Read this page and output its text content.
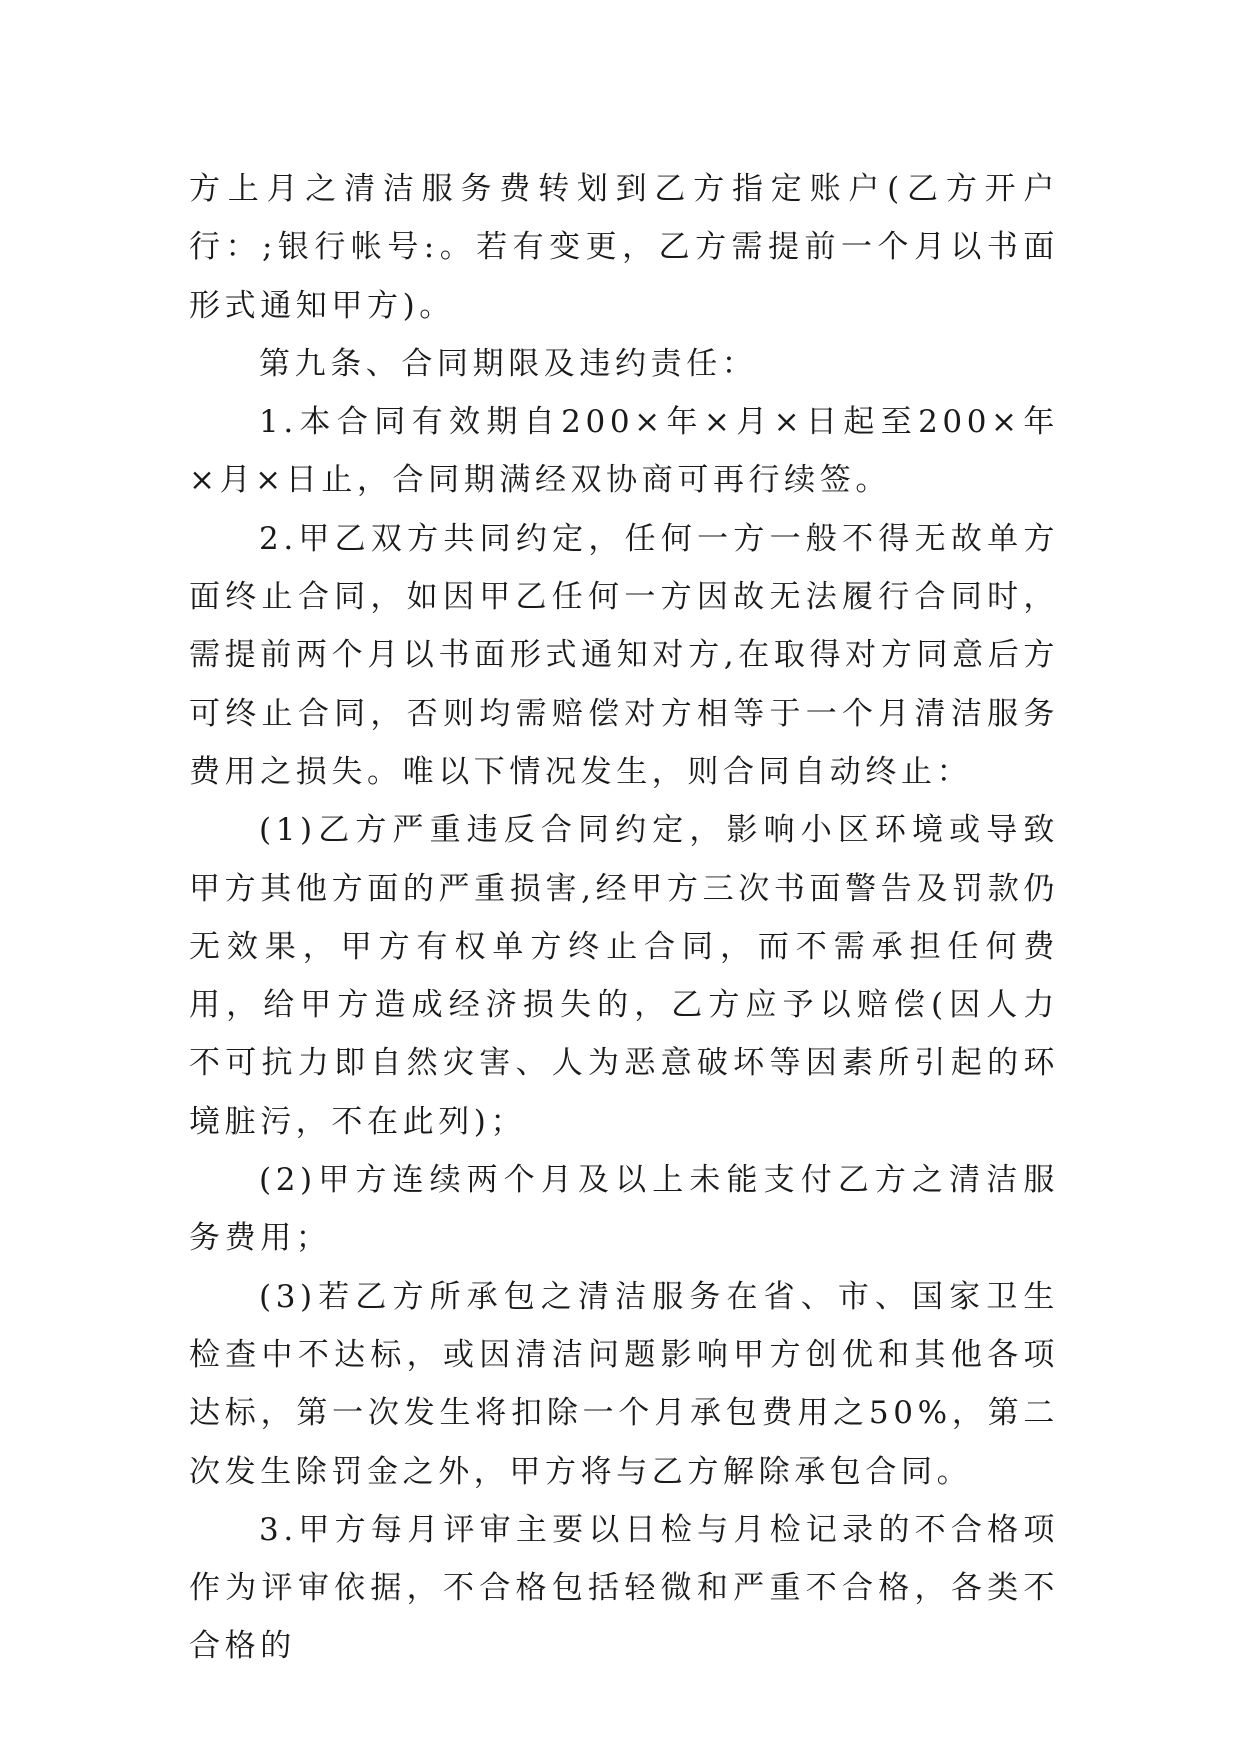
方上月之清洁服务费转划到乙方指定账户(乙方开户行：;银行帐号:。若有变更，乙方需提前一个月以书面形式通知甲方)。

第九条、合同期限及违约责任：

1.本合同有效期自200×年×月×日起至200×年×月×日止，合同期满经双协商可再行续签。

2.甲乙双方共同约定，任何一方一般不得无故单方面终止合同，如因甲乙任何一方因故无法履行合同时，需提前两个月以书面形式通知对方,在取得对方同意后方可终止合同，否则均需赔偿对方相等于一个月清洁服务费用之损失。唯以下情况发生，则合同自动终止：

(1)乙方严重违反合同约定，影响小区环境或导致甲方其他方面的严重损害,经甲方三次书面警告及罚款仍无效果，甲方有权单方终止合同，而不需承担任何费用，给甲方造成经济损失的，乙方应予以赔偿(因人力不可抗力即自然灾害、人为恶意破坏等因素所引起的环境脏污，不在此列)；

(2)甲方连续两个月及以上未能支付乙方之清洁服务费用；

(3)若乙方所承包之清洁服务在省、市、国家卫生检查中不达标，或因清洁问题影响甲方创优和其他各项达标，第一次发生将扣除一个月承包费用之50%，第二次发生除罚金之外，甲方将与乙方解除承包合同。

3.甲方每月评审主要以日检与月检记录的不合格项作为评审依据，不合格包括轻微和严重不合格，各类不合格的
